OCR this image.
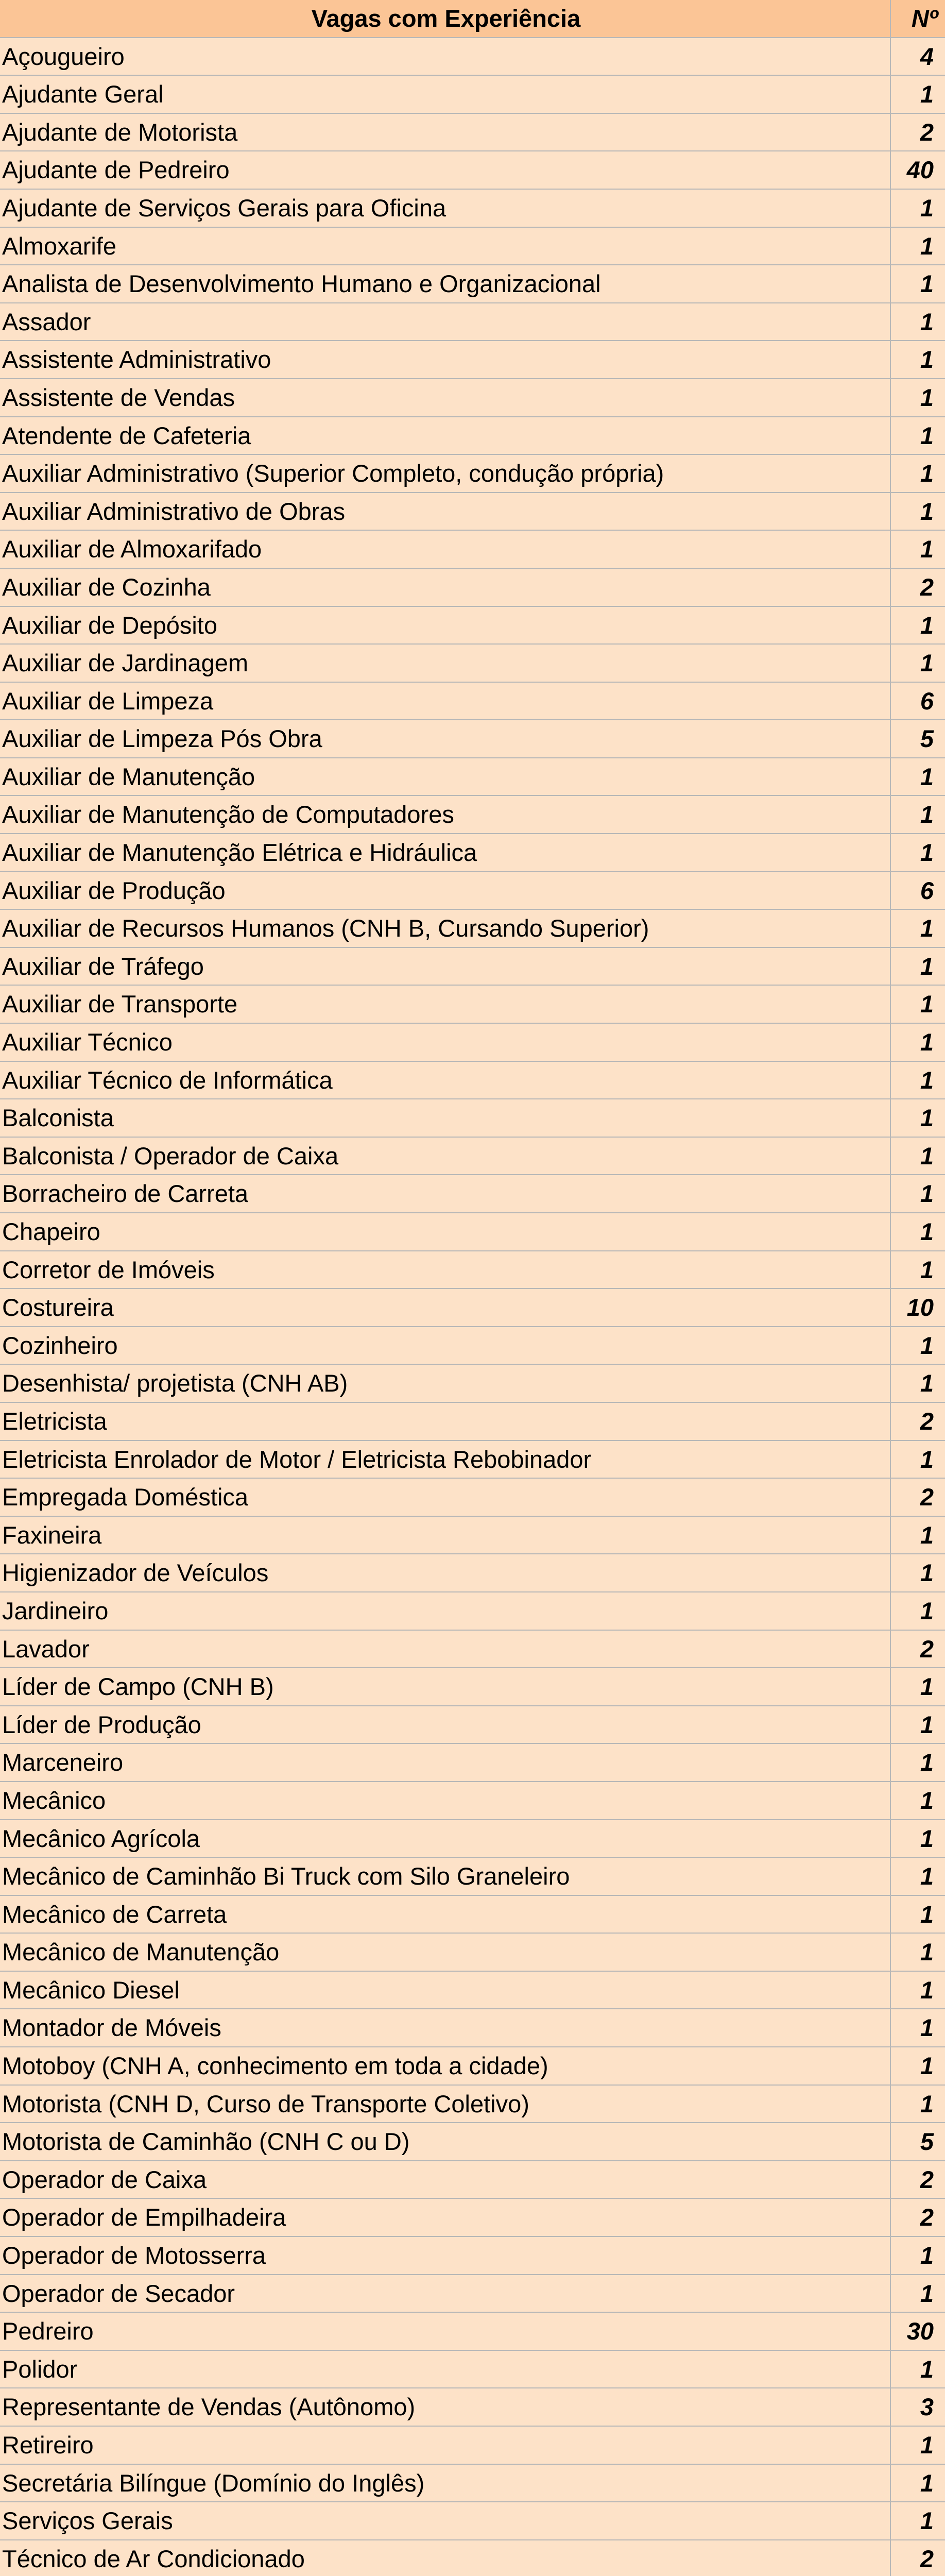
Vagas com Experiência	Nº
Açougueiro	4
Ajudante Geral	1
Ajudante de Motorista	2
Ajudante de Pedreiro	40
Ajudante de Serviços Gerais para Oficina	1
Almoxarife	1
Analista de Desenvolvimento Humano e Organizacional	1
Assador	1
Assistente Administrativo	1
Assistente de Vendas	1
Atendente de Cafeteria	1
Auxiliar Administrativo (Superior Completo, condução própria)	1
Auxiliar Administrativo de Obras	1
Auxiliar de Almoxarifado	1
Auxiliar de Cozinha	2
Auxiliar de Depósito	1
Auxiliar de Jardinagem	1
Auxiliar de Limpeza	6
Auxiliar de Limpeza Pós Obra	5
Auxiliar de Manutenção	1
Auxiliar de Manutenção de Computadores	1
Auxiliar de Manutenção Elétrica e Hidráulica	1
Auxiliar de Produção	6
Auxiliar de Recursos Humanos (CNH B, Cursando Superior)	1
Auxiliar de Tráfego	1
Auxiliar de Transporte	1
Auxiliar Técnico	1
Auxiliar Técnico de Informática	1
Balconista	1
Balconista / Operador de Caixa	1
Borracheiro de Carreta	1
Chapeiro	1
Corretor de Imóveis	1
Costureira	10
Cozinheiro	1
Desenhista/ projetista (CNH AB)	1
Eletricista	2
Eletricista Enrolador de Motor / Eletricista Rebobinador	1
Empregada Doméstica	2
Faxineira	1
Higienizador de Veículos	1
Jardineiro	1
Lavador	2
Líder de Campo (CNH B)	1
Líder de Produção	1
Marceneiro	1
Mecânico	1
Mecânico Agrícola	1
Mecânico de Caminhão Bi Truck com Silo Graneleiro	1
Mecânico de Carreta	1
Mecânico de Manutenção	1
Mecânico Diesel	1
Montador de Móveis	1
Motoboy (CNH A, conhecimento em toda a cidade)	1
Motorista (CNH D, Curso de Transporte Coletivo)	1
Motorista de Caminhão (CNH C ou D)	5
Operador de Caixa	2
Operador de Empilhadeira	2
Operador de Motosserra	1
Operador de Secador	1
Pedreiro	30
Polidor	1
Representante de Vendas (Autônomo)	3
Retireiro	1
Secretária Bilíngue (Domínio do Inglês)	1
Serviços Gerais	1
Técnico de Ar Condicionado	2
